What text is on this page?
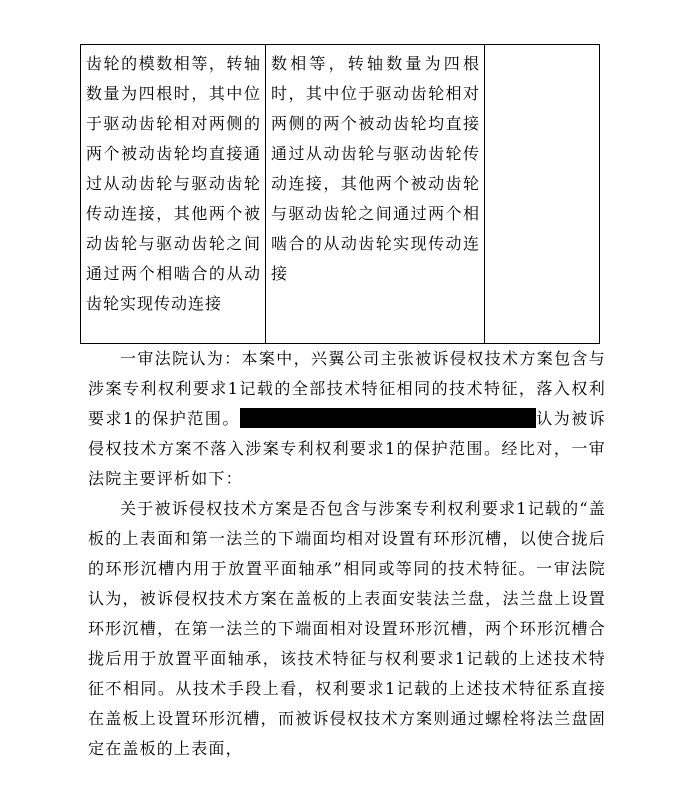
齿轮的模数相等，转轴数量为四根时，其中位于驱动齿轮相对两侧的两个被动齿轮均直接通过从动齿轮与驱动齿轮传动连接，其他两个被动齿轮与驱动齿轮之间通过两个相啮合的从动齿轮实现传动连接
数相等，转轴数量为四根时，其中位于驱动齿轮相对两侧的两个被动齿轮均直接通过从动齿轮与驱动齿轮传动连接，其他两个被动齿轮与驱动齿轮之间通过两个相啮合的从动齿轮实现传动连接

一审法院认为：本案中，兴翼公司主张被诉侵权技术方案包含与涉案专利权利要求1记载的全部技术特征相同的技术特征，落入权利要求1的保护范围。	认为被诉侵权技术方案不落入涉案专利权利要求1的保护范围。经比对，一审法院主要评析如下：

关于被诉侵权技术方案是否包含与涉案专利权利要求1记载的“盖板的上表面和第一法兰的下端面均相对设置有环形沉槽，以使合拢后的环形沉槽内用于放置平面轴承”相同或等同的技术特征。一审法院认为，被诉侵权技术方案在盖板的上表面安装法兰盘，法兰盘上设置环形沉槽，在第一法兰的下端面相对设置环形沉槽，两个环形沉槽合拢后用于放置平面轴承，该技术特征与权利要求1记载的上述技术特征不相同。从技术手段上看，权利要求1记载的上述技术特征系直接在盖板上设置环形沉槽，而被诉侵权技术方案则通过螺栓将法兰盘固定在盖板的上表面，
